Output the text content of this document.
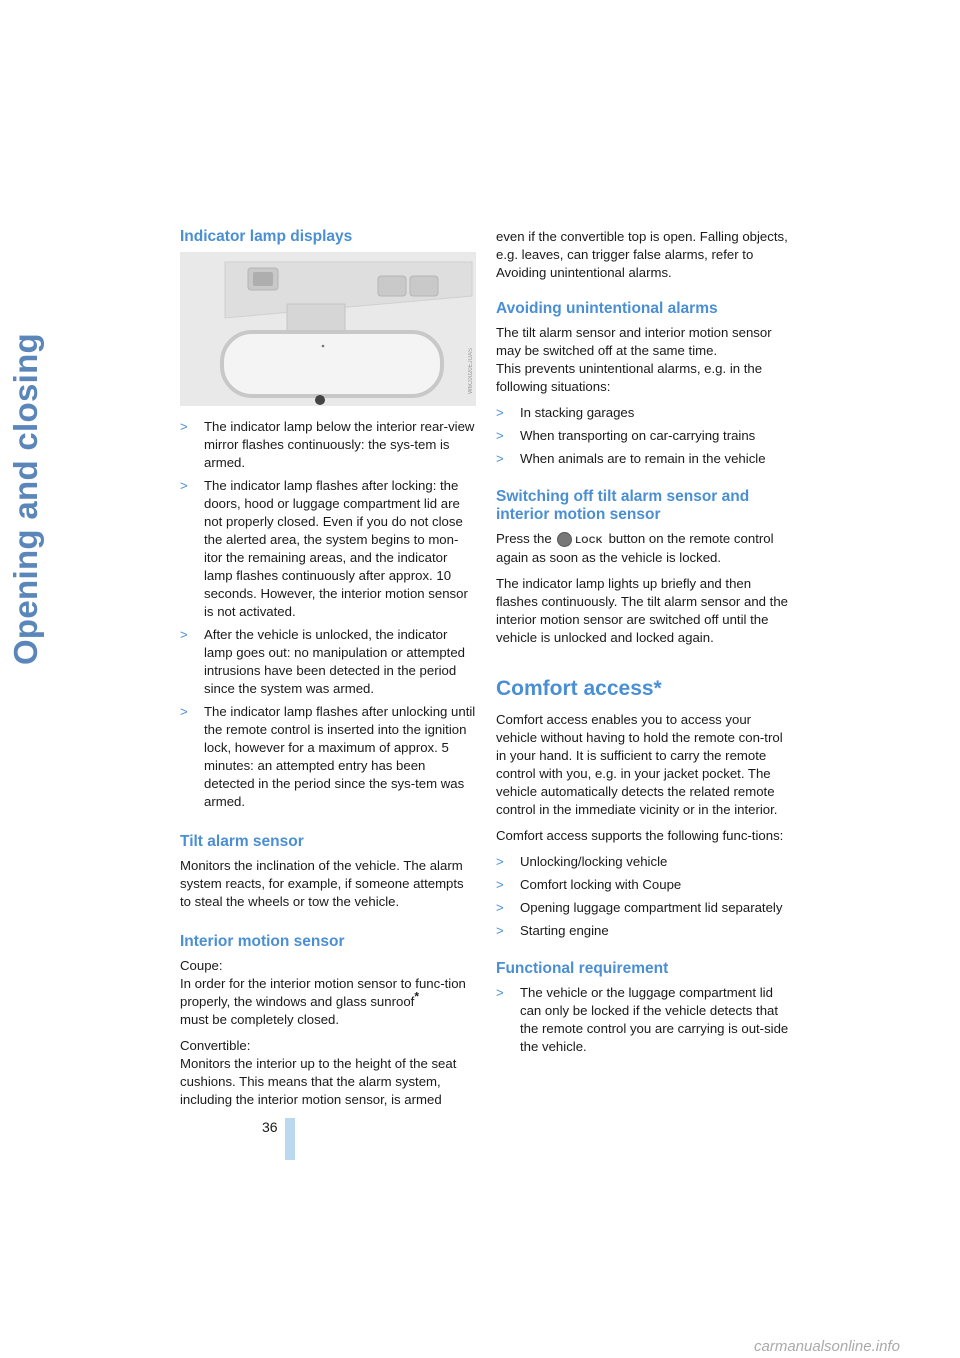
Opening and closing
Indicator lamp displays
W6C0020EJUAS
> The indicator lamp below the interior rear-view mirror flashes continuously: the sys-tem is armed.
> The indicator lamp flashes after locking: the doors, hood or luggage compartment lid are not properly closed. Even if you do not close the alerted area, the system begins to mon-itor the remaining areas, and the indicator lamp flashes continuously after approx. 10 seconds. However, the interior motion sensor is not activated.
> After the vehicle is unlocked, the indicator lamp goes out: no manipulation or attempted intrusions have been detected in the period since the system was armed.
> The indicator lamp flashes after unlocking until the remote control is inserted into the ignition lock, however for a maximum of approx. 5 minutes: an attempted entry has been detected in the period since the sys-tem was armed.
Tilt alarm sensor

Monitors the inclination of the vehicle. The alarm system reacts, for example, if someone attempts to steal the wheels or tow the vehicle.

Interior motion sensor

Coupe:
In order for the interior motion sensor to func-tion properly, the windows and glass sunroof*
must be completely closed.

Convertible:
Monitors the interior up to the height of the seat cushions. This means that the alarm system, including the interior motion sensor, is armed

even if the convertible top is open. Falling objects, e.g. leaves, can trigger false alarms, refer to Avoiding unintentional alarms.

Avoiding unintentional alarms

The tilt alarm sensor and interior motion sensor may be switched off at the same time.
This prevents unintentional alarms, e.g. in the following situations:

> In stacking garages
> When transporting on car-carrying trains
> When animals are to remain in the vehicle
Switching off tilt alarm sensor and interior motion sensor

Press the	LOCK button on the remote control again as soon as the vehicle is locked.

The indicator lamp lights up briefly and then flashes continuously. The tilt alarm sensor and the interior motion sensor are switched off until the vehicle is unlocked and locked again.

Comfort access*

Comfort access enables you to access your vehicle without having to hold the remote con-trol in your hand. It is sufficient to carry the remote control with you, e.g. in your jacket pocket. The vehicle automatically detects the related remote control in the immediate vicinity or in the interior.

Comfort access supports the following func-tions:

> Unlocking/locking vehicle
> Comfort locking with Coupe
> Opening luggage compartment lid separately
> Starting engine
Functional requirement
> The vehicle or the luggage compartment lid can only be locked if the vehicle detects that the remote control you are carrying is out-side the vehicle.
36
carmanualsonline.info
